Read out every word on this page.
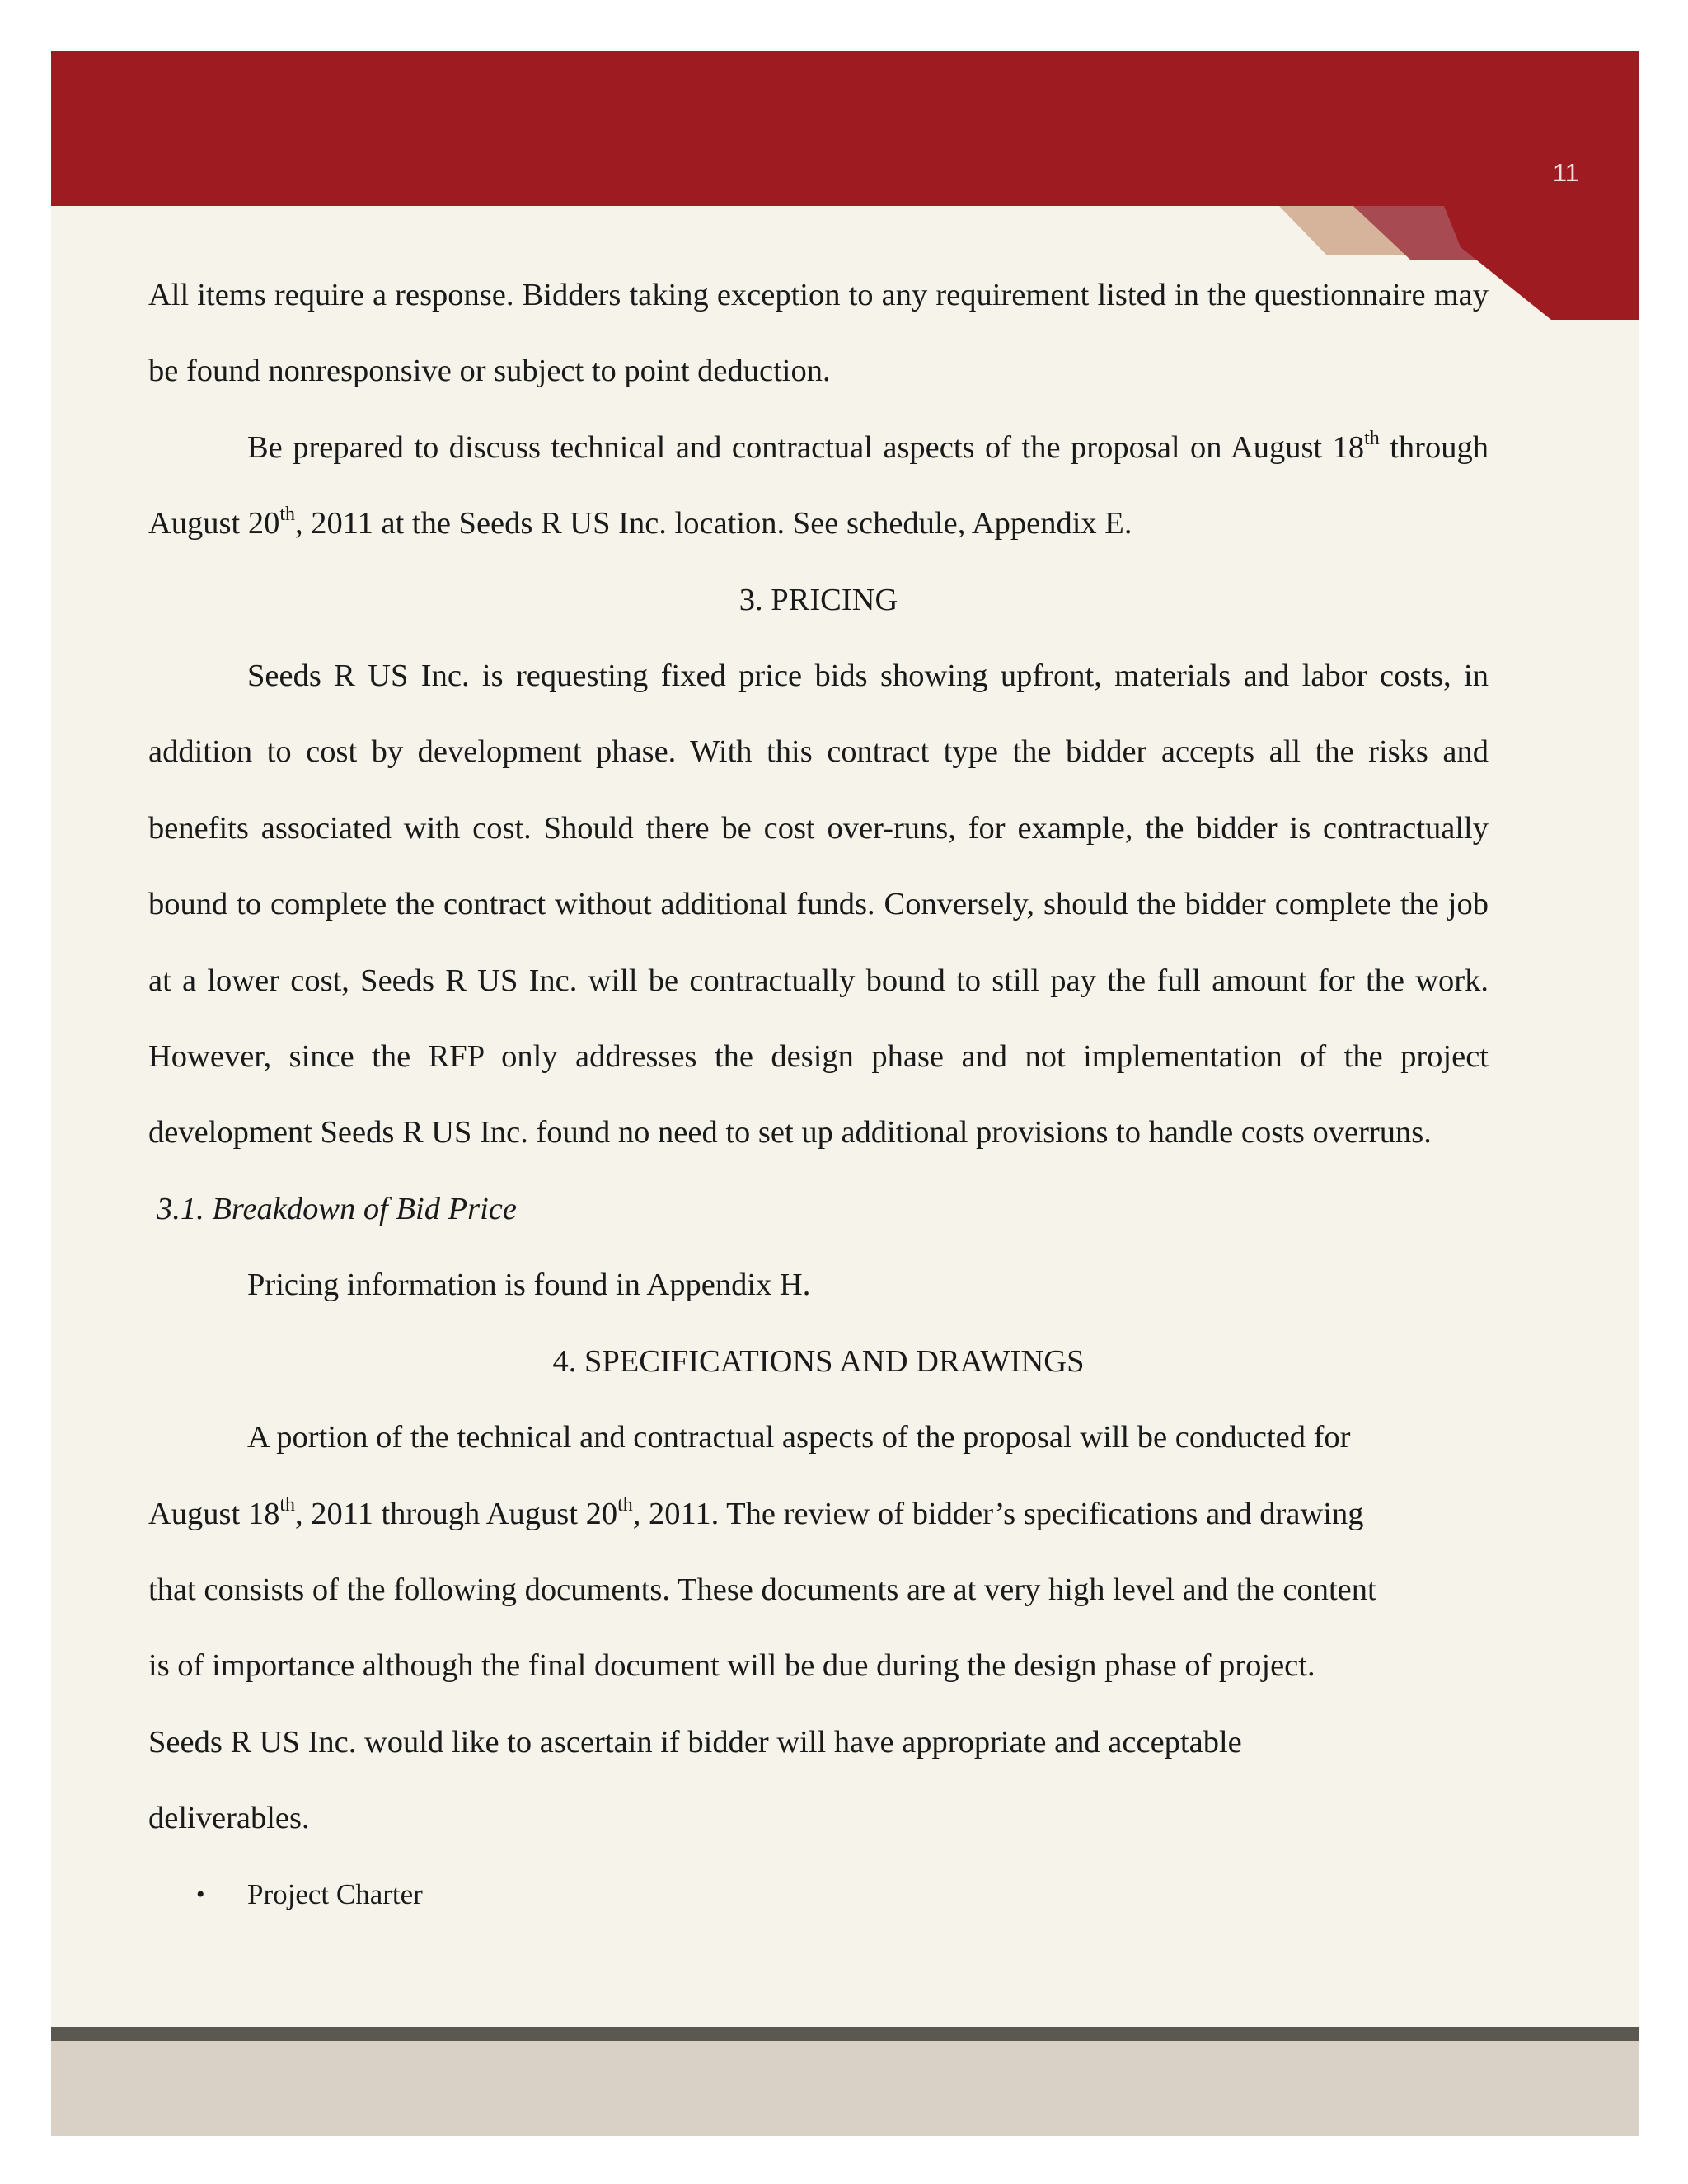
11

All items require a response. Bidders taking exception to any requirement listed in the questionnaire may be found nonresponsive or subject to point deduction.

Be prepared to discuss technical and contractual aspects of the proposal on August 18th through August 20th, 2011 at the Seeds R US Inc. location. See schedule, Appendix E.

3. PRICING

Seeds R US Inc. is requesting fixed price bids showing upfront, materials and labor costs, in addition to cost by development phase. With this contract type the bidder accepts all the risks and benefits associated with cost. Should there be cost over-runs, for example, the bidder is contractually bound to complete the contract without additional funds. Conversely, should the bidder complete the job at a lower cost, Seeds R US Inc. will be contractually bound to still pay the full amount for the work. However, since the RFP only addresses the design phase and not implementation of the project development Seeds R US Inc. found no need to set up additional provisions to handle costs overruns.

3.1. Breakdown of Bid Price

Pricing information is found in Appendix H.

4. SPECIFICATIONS AND DRAWINGS

A portion of the technical and contractual aspects of the proposal will be conducted for

August 18th, 2011 through August 20th, 2011. The review of bidder’s specifications and drawing

that consists of the following documents. These documents are at very high level and the content

is of importance although the final document will be due during the design phase of project.

Seeds R US Inc. would like to ascertain if bidder will have appropriate and acceptable

deliverables.

• Project Charter
